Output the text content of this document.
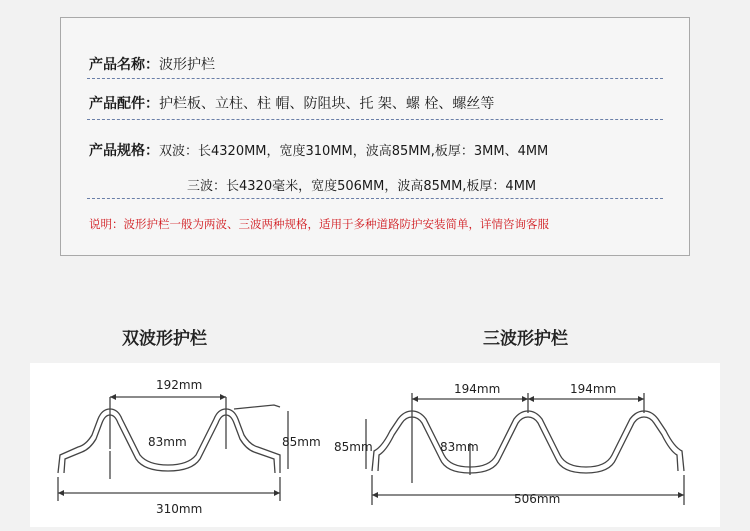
产品名称：波形护栏
产品配件：护栏板、立柱、柱 帽、防阻块、托 架、螺 栓、螺丝等
产品规格：双波：长4320MM，宽度310MM，波高85MM,板厚：3MM、4MM
三波：长4320毫米，宽度506MM，波高85MM,板厚：4MM
说明：波形护栏一般为两波、三波两种规格，适用于多种道路防护安装简单，详情咨询客服
双波形护栏	三波形护栏
192mm
83mm	85mm
310mm
194mm	194mm
85mm	83mm
506mm
